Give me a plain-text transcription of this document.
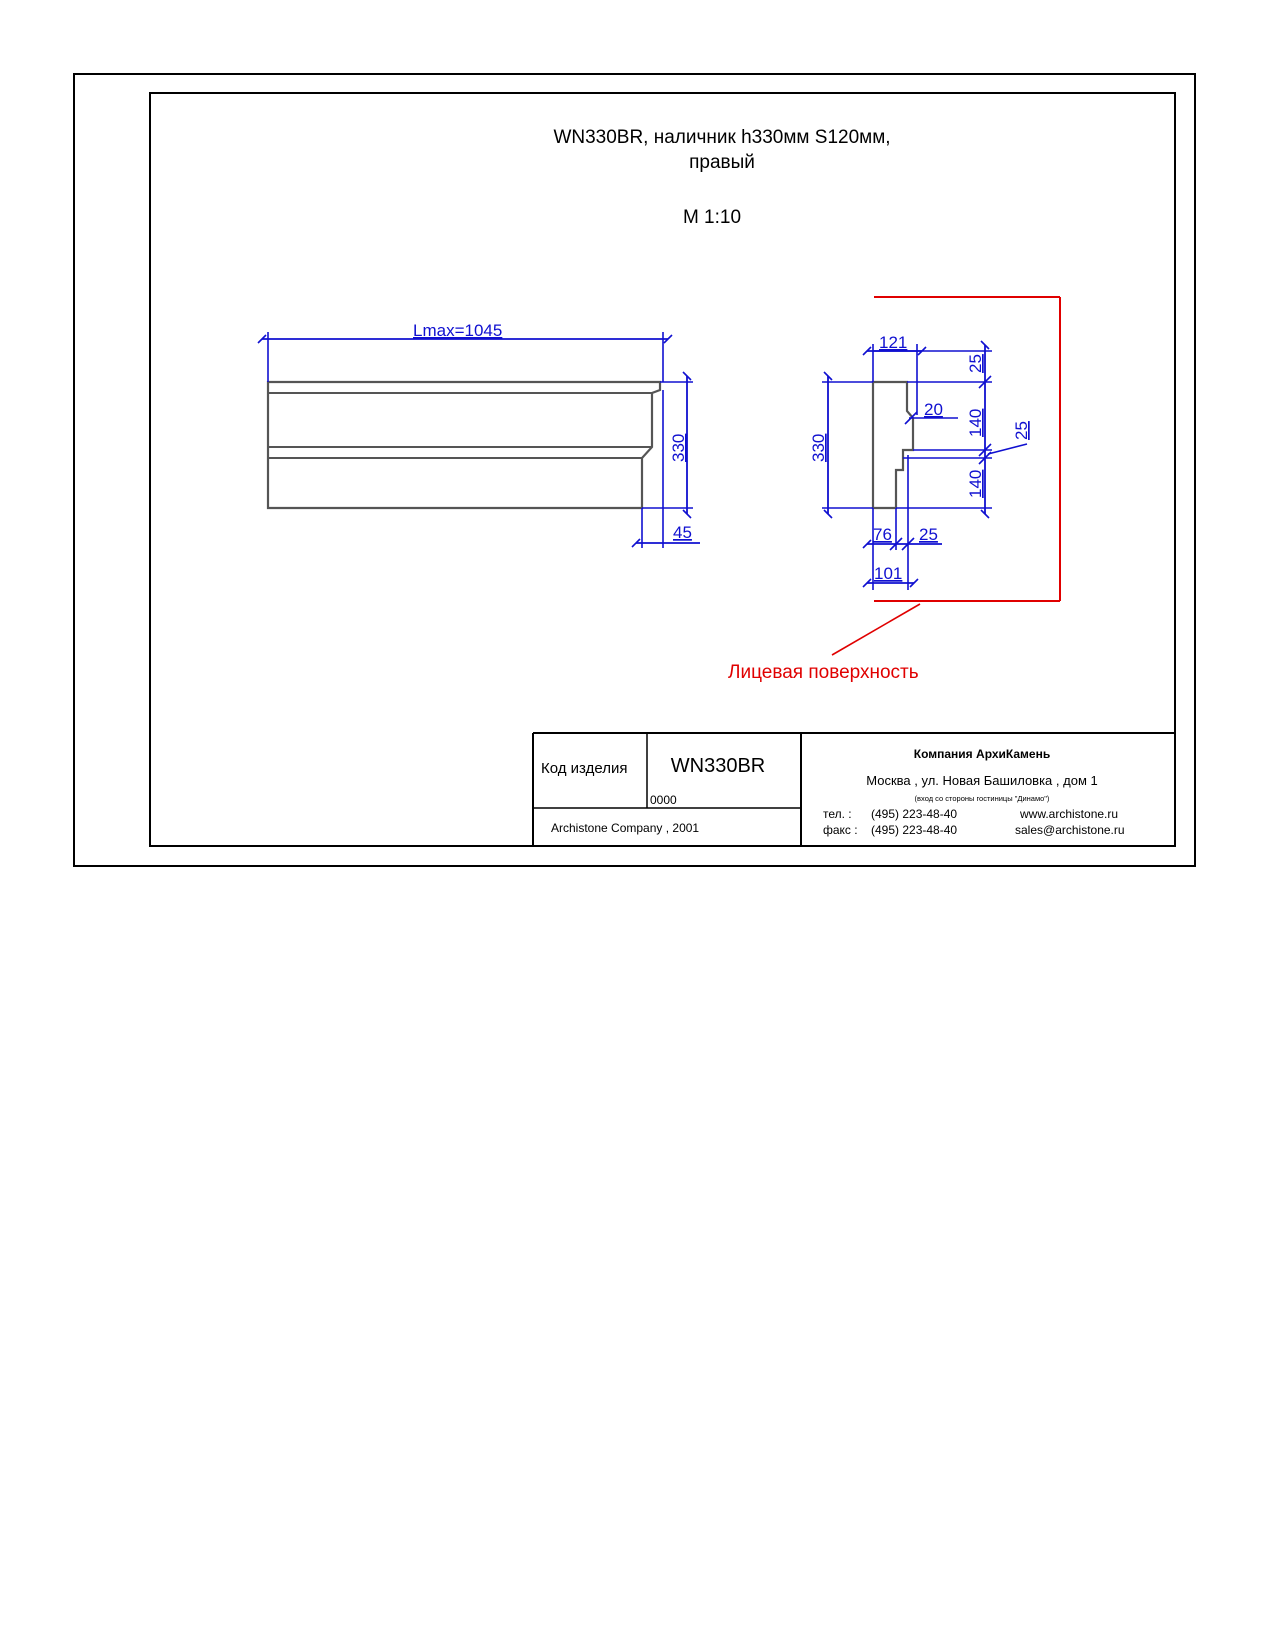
WN330BR, наличник h330мм S120мм,
правый
M 1:10
Lmax=1045
330
45
Лицевая поверхность
330
121
25
140
140
25
20
76 25
101
Код изделия WN330BR
0000
Archistone Company , 2001
Компания АрхиКамень
Москва , ул. Новая Башиловка , дом 1
(вход со стороны гостиницы "Динамо")
тел. : (495) 223-48-40
факс : (495) 223-48-40
www.archistone.ru
sales@archistone.ru
